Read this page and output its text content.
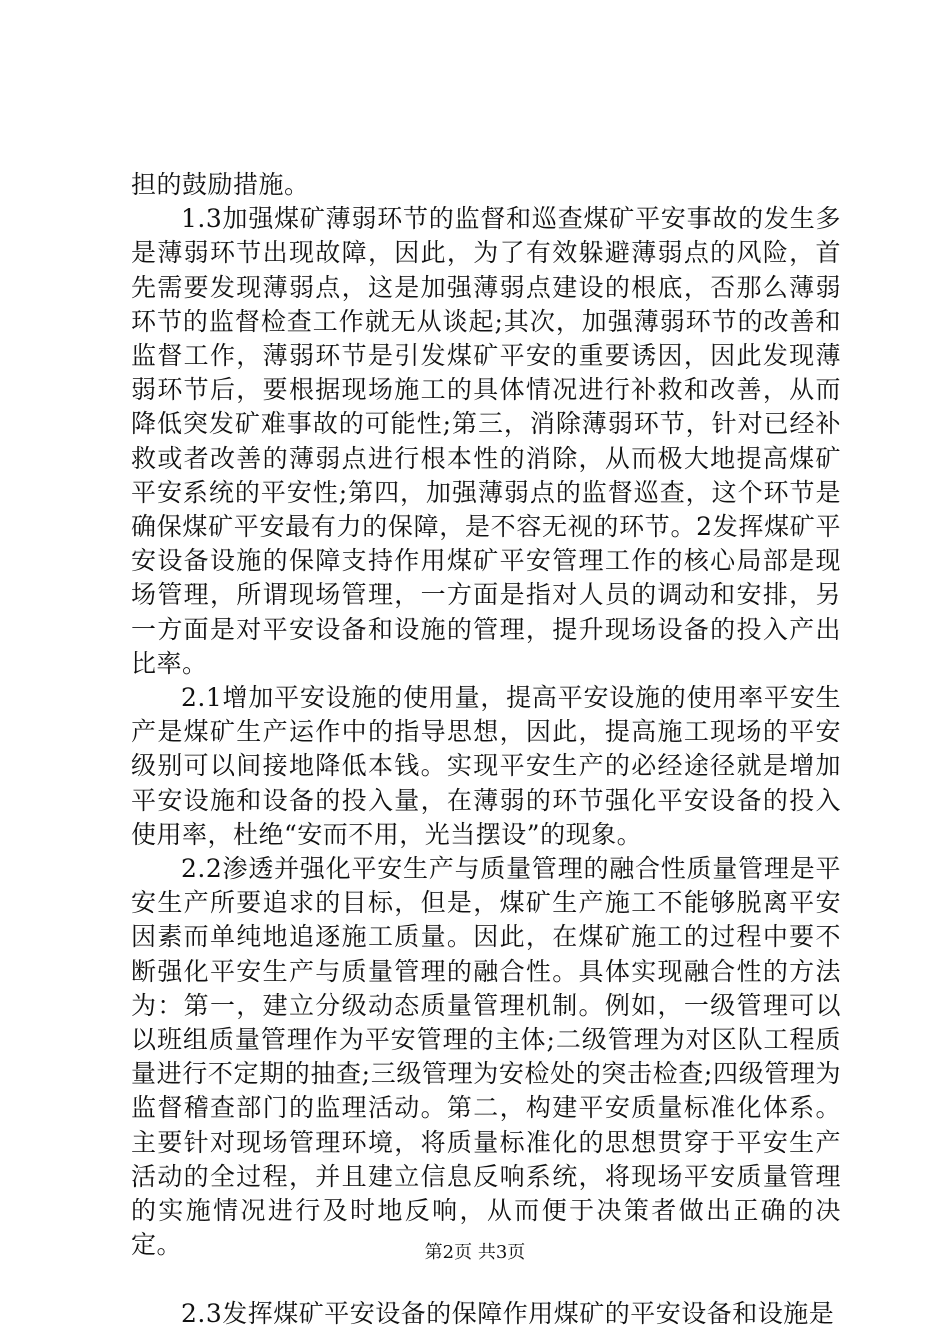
担的鼓励措施。

1.3加强煤矿薄弱环节的监督和巡查煤矿平安事故的发生多是薄弱环节出现故障，因此，为了有效躲避薄弱点的风险，首先需要发现薄弱点，这是加强薄弱点建设的根底，否那么薄弱环节的监督检查工作就无从谈起;其次，加强薄弱环节的改善和监督工作，薄弱环节是引发煤矿平安的重要诱因，因此发现薄弱环节后，要根据现场施工的具体情况进行补救和改善，从而降低突发矿难事故的可能性;第三，消除薄弱环节，针对已经补救或者改善的薄弱点进行根本性的消除，从而极大地提高煤矿平安系统的平安性;第四，加强薄弱点的监督巡查，这个环节是确保煤矿平安最有力的保障，是不容无视的环节。2发挥煤矿平安设备设施的保障支持作用煤矿平安管理工作的核心局部是现场管理，所谓现场管理，一方面是指对人员的调动和安排，另一方面是对平安设备和设施的管理，提升现场设备的投入产出比率。

2.1增加平安设施的使用量，提高平安设施的使用率平安生产是煤矿生产运作中的指导思想，因此，提高施工现场的平安级别可以间接地降低本钱。实现平安生产的必经途径就是增加平安设施和设备的投入量，在薄弱的环节强化平安设备的投入使用率，杜绝“安而不用，光当摆设”的现象。

2.2渗透并强化平安生产与质量管理的融合性质量管理是平安生产所要追求的目标，但是，煤矿生产施工不能够脱离平安因素而单纯地追逐施工质量。因此，在煤矿施工的过程中要不断强化平安生产与质量管理的融合性。具体实现融合性的方法为：第一，建立分级动态质量管理机制。例如，一级管理可以以班组质量管理作为平安管理的主体;二级管理为对区队工程质量进行不定期的抽查;三级管理为安检处的突击检查;四级管理为监督稽查部门的监理活动。第二，构建平安质量标准化体系。主要针对现场管理环境，将质量标准化的思想贯穿于平安生产活动的全过程，并且建立信息反响系统，将现场平安质量管理的实施情况进行及时地反响，从而便于决策者做出正确的决定。

2.3发挥煤矿平安设备的保障作用煤矿的平安设备和设施是

第2页 共3页
